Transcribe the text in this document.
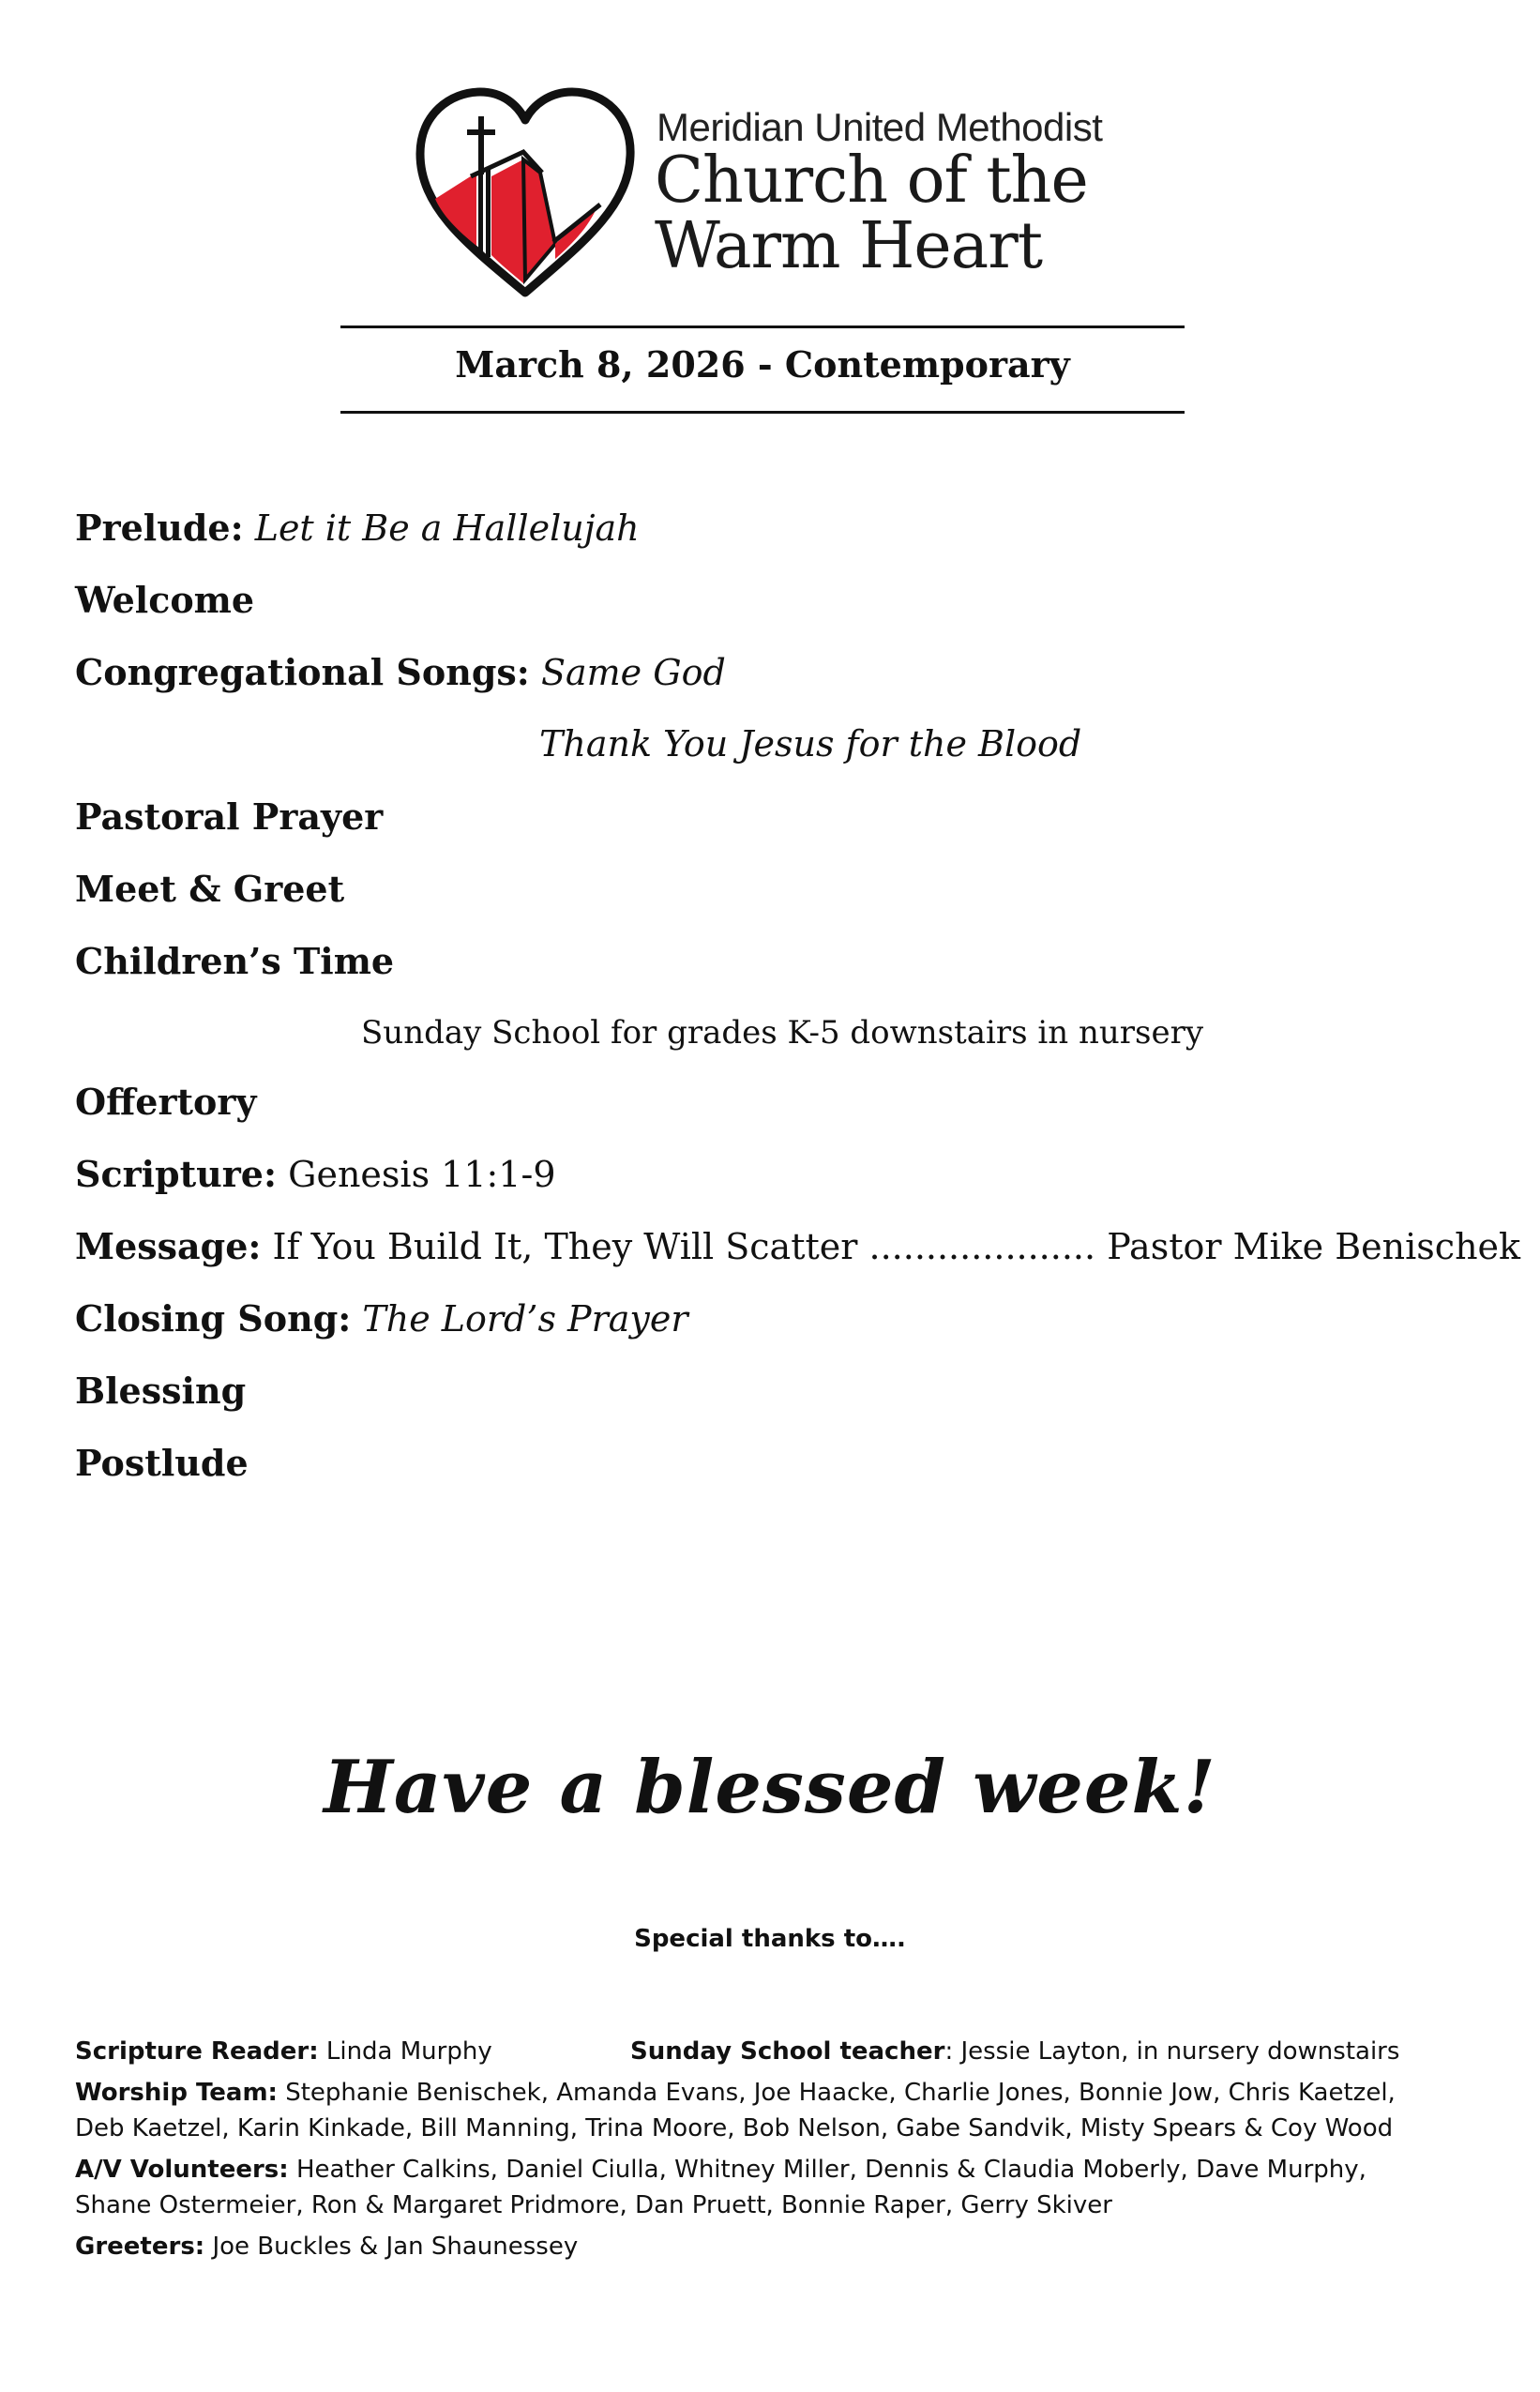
Meridian United Methodist
Church of the
Warm Heart
March 8, 2026 - Contemporary
Prelude: Let it Be a Hallelujah
Welcome
Congregational Songs: Same God
Thank You Jesus for the Blood
Pastoral Prayer
Meet & Greet
Children’s Time
Sunday School for grades K-5 downstairs in nursery
Offertory
Scripture: Genesis 11:1-9
Message: If You Build It, They Will Scatter .................... Pastor Mike Benischek
Closing Song: The Lord’s Prayer
Blessing
Postlude
Have a blessed week!
Special thanks to….
Scripture Reader: Linda Murphy	Sunday School teacher: Jessie Layton, in nursery downstairs
Worship Team: Stephanie Benischek, Amanda Evans, Joe Haacke, Charlie Jones, Bonnie Jow, Chris Kaetzel,
Deb Kaetzel, Karin Kinkade, Bill Manning, Trina Moore, Bob Nelson, Gabe Sandvik, Misty Spears & Coy Wood
A/V Volunteers: Heather Calkins, Daniel Ciulla, Whitney Miller, Dennis & Claudia Moberly, Dave Murphy,
Shane Ostermeier, Ron & Margaret Pridmore, Dan Pruett, Bonnie Raper, Gerry Skiver
Greeters: Joe Buckles & Jan Shaunessey
